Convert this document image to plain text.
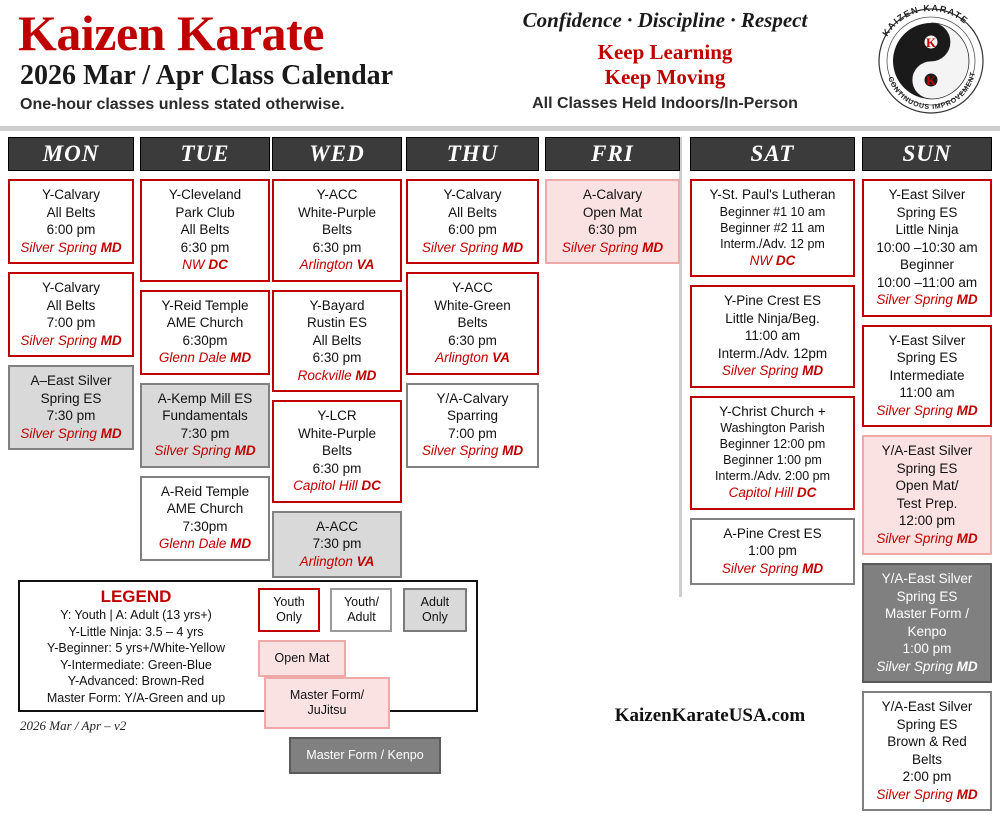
Kaizen Karate
2026 Mar / Apr Class Calendar
One-hour classes unless stated otherwise.
Confidence · Discipline · Respect
Keep Learning
Keep Moving
All Classes Held Indoors/In-Person
K
K
KAIZEN KARATE
CONTINUOUS IMPROVEMENT
MON
Y-Calvary
All Belts
6:00 pm
Silver Spring MD
Y-Calvary
All Belts
7:00 pm
Silver Spring MD
A–East Silver
Spring ES
7:30 pm
Silver Spring MD
TUE
Y-Cleveland
Park Club
All Belts
6:30 pm
NW DC
Y-Reid Temple
AME Church
6:30pm
Glenn Dale MD
A-Kemp Mill ES
Fundamentals
7:30 pm
Silver Spring MD
A-Reid Temple
AME Church
7:30pm
Glenn Dale MD
WED
Y-ACC
White-Purple
Belts
6:30 pm
Arlington VA
Y-Bayard
Rustin ES
All Belts
6:30 pm
Rockville MD
Y-LCR
White-Purple
Belts
6:30 pm
Capitol Hill DC
A-ACC
7:30 pm
Arlington VA
THU
Y-Calvary
All Belts
6:00 pm
Silver Spring MD
Y-ACC
White-Green
Belts
6:30 pm
Arlington VA
Y/A-Calvary
Sparring
7:00 pm
Silver Spring MD
FRI
A-Calvary
Open Mat
6:30 pm
Silver Spring MD
SAT
Y-St. Paul's Lutheran
Beginner #1 10 am
Beginner #2 11 am
Interm./Adv. 12 pm
NW DC
Y-Pine Crest ES
Little Ninja/Beg.
11:00 am
Interm./Adv. 12pm
Silver Spring MD
Y-Christ Church +
Washington Parish
Beginner 12:00 pm
Beginner 1:00 pm
Interm./Adv. 2:00 pm
Capitol Hill DC
A-Pine Crest ES
1:00 pm
Silver Spring MD
SUN
Y-East Silver
Spring ES
Little Ninja
10:00 –10:30 am
Beginner
10:00 –11:00 am
Silver Spring MD
Y-East Silver
Spring ES
Intermediate
11:00 am
Silver Spring MD
Y/A-East Silver
Spring ES
Open Mat/
Test Prep.
12:00 pm
Silver Spring MD
Y/A-East Silver
Spring ES
Master Form /
Kenpo
1:00 pm
Silver Spring MD
Y/A-East Silver
Spring ES
Brown & Red
Belts
2:00 pm
Silver Spring MD
LEGEND
Y: Youth | A: Adult (13 yrs+)
Y-Little Ninja: 3.5 – 4 yrs
Y-Beginner: 5 yrs+/White-Yellow
Y-Intermediate: Green-Blue
Y-Advanced: Brown-Red
Master Form: Y/A-Green and up
Youth
Only Youth/
Adult Adult
Only
Open Mat Master Form/ JuJitsu
Master Form / Kenpo
KaizenKarateUSA.com
2026 Mar / Apr – v2
